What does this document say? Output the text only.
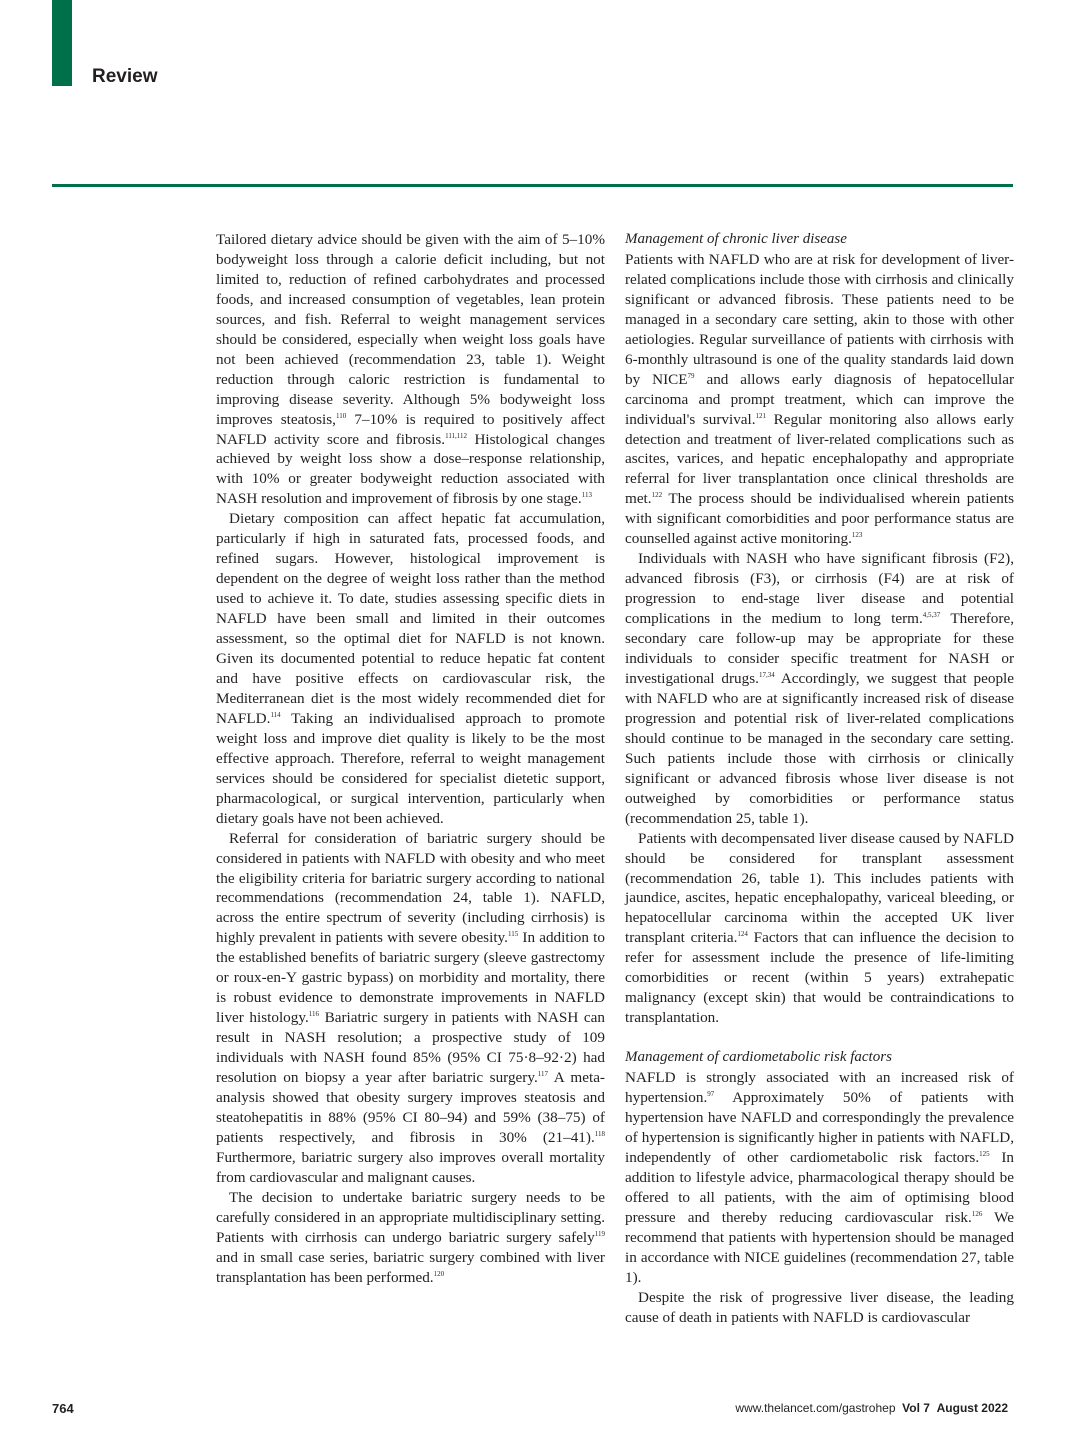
Review

Tailored dietary advice should be given with the aim of 5–10% bodyweight loss through a calorie deficit including, but not limited to, reduction of refined carbohydrates and processed foods, and increased consumption of vegetables, lean protein sources, and fish. Referral to weight management services should be considered, especially when weight loss goals have not been achieved (recommendation 23, table 1). Weight reduction through caloric restriction is fundamental to improving disease severity. Although 5% bodyweight loss improves steatosis,$^{110}$ 7–10% is required to positively affect NAFLD activity score and fibrosis.$^{111,112}$ Histological changes achieved by weight loss show a dose–response relationship, with 10% or greater bodyweight reduction associated with NASH resolution and improvement of fibrosis by one stage.$^{113}$

Dietary composition can affect hepatic fat accumulation, particularly if high in saturated fats, processed foods, and refined sugars. However, histological improvement is dependent on the degree of weight loss rather than the method used to achieve it. To date, studies assessing specific diets in NAFLD have been small and limited in their outcomes assessment, so the optimal diet for NAFLD is not known. Given its documented potential to reduce hepatic fat content and have positive effects on cardiovascular risk, the Mediterranean diet is the most widely recommended diet for NAFLD.$^{114}$ Taking an individualised approach to promote weight loss and improve diet quality is likely to be the most effective approach. Therefore, referral to weight management services should be considered for specialist dietetic support, pharmacological, or surgical intervention, particularly when dietary goals have not been achieved.

Referral for consideration of bariatric surgery should be considered in patients with NAFLD with obesity and who meet the eligibility criteria for bariatric surgery according to national recommendations (recommendation 24, table 1). NAFLD, across the entire spectrum of severity (including cirrhosis) is highly prevalent in patients with severe obesity.$^{115}$ In addition to the established benefits of bariatric surgery (sleeve gastrectomy or roux-en-Y gastric bypass) on morbidity and mortality, there is robust evidence to demonstrate improvements in NAFLD liver histology.$^{116}$ Bariatric surgery in patients with NASH can result in NASH resolution; a prospective study of 109 individuals with NASH found 85% (95% CI 75·8–92·2) had resolution on biopsy a year after bariatric surgery.$^{117}$ A meta-analysis showed that obesity surgery improves steatosis and steatohepatitis in 88% (95% CI 80–94) and 59% (38–75) of patients respectively, and fibrosis in 30% (21–41).$^{118}$ Furthermore, bariatric surgery also improves overall mortality from cardiovascular and malignant causes.

The decision to undertake bariatric surgery needs to be carefully considered in an appropriate multidisciplinary setting. Patients with cirrhosis can undergo bariatric surgery safely$^{119}$ and in small case series, bariatric surgery combined with liver transplantation has been performed.$^{120}$

Management of chronic liver disease

Patients with NAFLD who are at risk for development of liver-related complications include those with cirrhosis and clinically significant or advanced fibrosis. These patients need to be managed in a secondary care setting, akin to those with other aetiologies. Regular surveillance of patients with cirrhosis with 6-monthly ultrasound is one of the quality standards laid down by NICE$^{79}$ and allows early diagnosis of hepatocellular carcinoma and prompt treatment, which can improve the individual's survival.$^{121}$ Regular monitoring also allows early detection and treatment of liver-related complications such as ascites, varices, and hepatic encephalopathy and appropriate referral for liver transplantation once clinical thresholds are met.$^{122}$ The process should be individualised wherein patients with significant comorbidities and poor performance status are counselled against active monitoring.$^{123}$

Individuals with NASH who have significant fibrosis (F2), advanced fibrosis (F3), or cirrhosis (F4) are at risk of progression to end-stage liver disease and potential complications in the medium to long term.$^{4,5,37}$ Therefore, secondary care follow-up may be appropriate for these individuals to consider specific treatment for NASH or investigational drugs.$^{17,34}$ Accordingly, we suggest that people with NAFLD who are at significantly increased risk of disease progression and potential risk of liver-related complications should continue to be managed in the secondary care setting. Such patients include those with cirrhosis or clinically significant or advanced fibrosis whose liver disease is not outweighed by comorbidities or performance status (recommendation 25, table 1).

Patients with decompensated liver disease caused by NAFLD should be considered for transplant assessment (recommendation 26, table 1). This includes patients with jaundice, ascites, hepatic encephalopathy, variceal bleeding, or hepatocellular carcinoma within the accepted UK liver transplant criteria.$^{124}$ Factors that can influence the decision to refer for assessment include the presence of life-limiting comorbidities or recent (within 5 years) extrahepatic malignancy (except skin) that would be contraindications to transplantation.

Management of cardiometabolic risk factors

NAFLD is strongly associated with an increased risk of hypertension.$^{97}$ Approximately 50% of patients with hypertension have NAFLD and correspondingly the prevalence of hypertension is significantly higher in patients with NAFLD, independently of other cardiometabolic risk factors.$^{125}$ In addition to lifestyle advice, pharmacological therapy should be offered to all patients, with the aim of optimising blood pressure and thereby reducing cardiovascular risk.$^{126}$ We recommend that patients with hypertension should be managed in accordance with NICE guidelines (recommendation 27, table 1).

Despite the risk of progressive liver disease, the leading cause of death in patients with NAFLD is cardiovascular

764	www.thelancet.com/gastrohep Vol 7 August 2022
